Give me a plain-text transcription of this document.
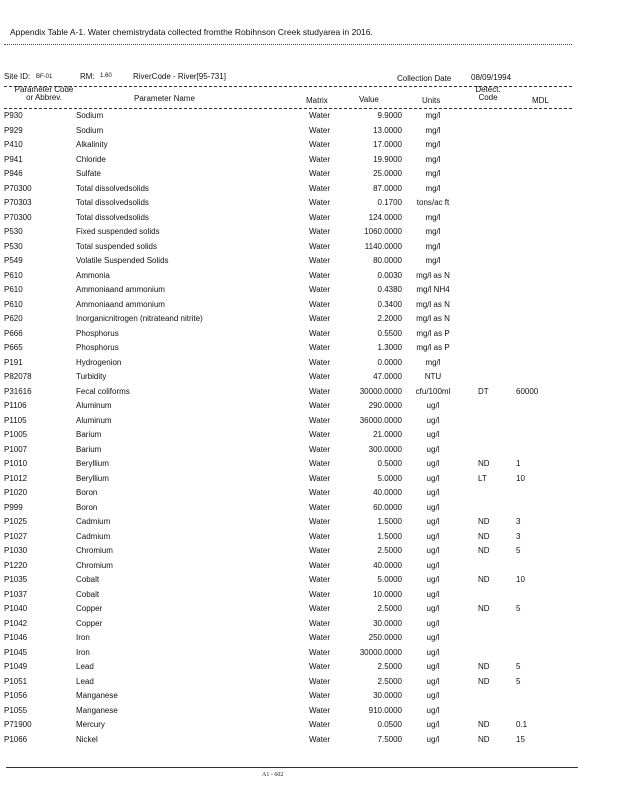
Appendix Table A-1. Water chemistrydata collected fromthe Robihnson Creek studyarea in 2016.
Site ID: BF-01	RM: 1.60	RiverCode - River[95-731]	Collection Date 08/09/1994
Parameter Code
or Abbrev.	Parameter Name	Matrix	Value	Units
Detect.
Code	MDL
P930	Sodium	Water	9.9000	mg/l
P929	Sodium	Water	13.0000	mg/l
P410	Alkalinity	Water	17.0000	mg/l
P941	Chloride	Water	19.9000	mg/l
P946	Sulfate	Water	25.0000	mg/l
P70300	Total dissolvedsolids	Water	87.0000	mg/l
P70303	Total dissolvedsolids	Water	0.1700	tons/ac ft
P70300	Total dissolvedsolids	Water	124.0000	mg/l
P530	Fixed suspended solids	Water	1060.0000	mg/l
P530	Total suspended solids	Water	1140.0000	mg/l
P549	Volatile Suspended Solids	Water	80.0000	mg/l
P610	Ammonia	Water	0.0030	mg/l as N
P610	Ammoniaand ammonium	Water	0.4380	mg/l NH4
P610	Ammoniaand ammonium	Water	0.3400	mg/l as N
P620	Inorganicnitrogen (nitrateand nitrite)	Water	2.2000	mg/l as N
P666	Phosphorus	Water	0.5500	mg/l as P
P665	Phosphorus	Water	1.3000	mg/l as P
P191	Hydrogenion	Water	0.0000	mg/l
P82078	Turbidity	Water	47.0000	NTU
P31616	Fecal coliforms	Water	30000.0000	cfu/100ml	DT	60000
P1106	Aluminum	Water	290.0000	ug/l
P1105	Aluminum	Water	36000.0000	ug/l
P1005	Barium	Water	21.0000	ug/l
P1007	Barium	Water	300.0000	ug/l
P1010	Beryllium	Water	0.5000	ug/l	ND	1
P1012	Beryllium	Water	5.0000	ug/l	LT	10
P1020	Boron	Water	40.0000	ug/l
P999	Boron	Water	60.0000	ug/l
P1025	Cadmium	Water	1.5000	ug/l	ND	3
P1027	Cadmium	Water	1.5000	ug/l	ND	3
P1030	Chromium	Water	2.5000	ug/l	ND	5
P1220	Chromium	Water	40.0000	ug/l
P1035	Cobalt	Water	5.0000	ug/l	ND	10
P1037	Cobalt	Water	10.0000	ug/l
P1040	Copper	Water	2.5000	ug/l	ND	5
P1042	Copper	Water	30.0000	ug/l
P1046	Iron	Water	250.0000	ug/l
P1045	Iron	Water	30000.0000	ug/l
P1049	Lead	Water	2.5000	ug/l	ND	5
P1051	Lead	Water	2.5000	ug/l	ND	5
P1056	Manganese	Water	30.0000	ug/l
P1055	Manganese	Water	910.0000	ug/l
P71900	Mercury	Water	0.0500	ug/l	ND	0.1
P1066	Nickel	Water	7.5000	ug/l	ND	15
A1 - 602
